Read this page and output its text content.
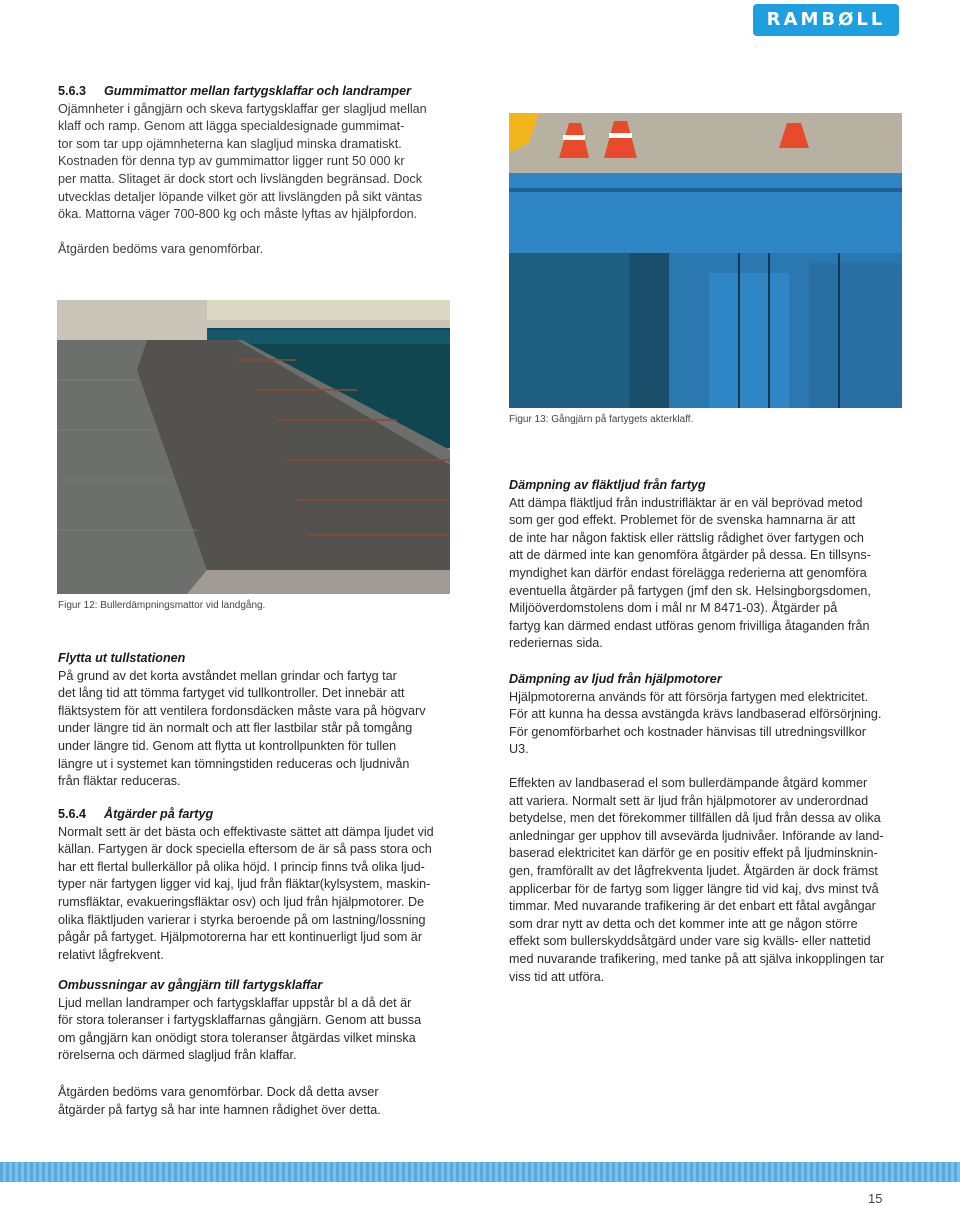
RAMBØLL

5.6.3 Gummimattor mellan fartygsklaffar och landramper

Ojämnheter i gångjärn och skeva fartygsklaffar ger slagljud mellan

klaff och ramp. Genom att lägga specialdesignade gummimat-

tor som tar upp ojämnheterna kan slagljud minska dramatiskt.

Kostnaden för denna typ av gummimattor ligger runt 50 000 kr

per matta. Slitaget är dock stort och livslängden begränsad. Dock

utvecklas detaljer löpande vilket gör att livslängden på sikt väntas

öka. Mattorna väger 700-800 kg och måste lyftas av hjälpfordon.

Åtgärden bedöms vara genomförbar.

Figur 12: Bullerdämpningsmattor vid landgång.
Figur 13: Gångjärn på fartygets akterklaff.

Flytta ut tullstationen

På grund av det korta avståndet mellan grindar och fartyg tar

det lång tid att tömma fartyget vid tullkontroller. Det innebär att

fläktsystem för att ventilera fordonsdäcken måste vara på högvarv

under längre tid än normalt och att fler lastbilar står på tomgång

under längre tid. Genom att flytta ut kontrollpunkten för tullen

längre ut i systemet kan tömningstiden reduceras och ljudnivån

från fläktar reduceras.

5.6.4 Åtgärder på fartyg

Normalt sett är det bästa och effektivaste sättet att dämpa ljudet vid

källan. Fartygen är dock speciella eftersom de är så pass stora och

har ett flertal bullerkällor på olika höjd. I princip finns två olika ljud-

typer när fartygen ligger vid kaj, ljud från fläktar(kylsystem, maskin-

rumsfläktar, evakueringsfläktar osv) och ljud från hjälpmotorer. De

olika fläktljuden varierar i styrka beroende på om lastning/lossning

pågår på fartyget. Hjälpmotorerna har ett kontinuerligt ljud som är

relativt lågfrekvent.

Ombussningar av gångjärn till fartygsklaffar

Ljud mellan landramper och fartygsklaffar uppstår bl a då det är

för stora toleranser i fartygsklaffarnas gångjärn. Genom att bussa

om gångjärn kan onödigt stora toleranser åtgärdas vilket minska

rörelserna och därmed slagljud från klaffar.

Åtgärden bedöms vara genomförbar. Dock då detta avser

åtgärder på fartyg så har inte hamnen rådighet över detta.

Dämpning av fläktljud från fartyg

Att dämpa fläktljud från industrifläktar är en väl beprövad metod

som ger god effekt. Problemet för de svenska hamnarna är att

de inte har någon faktisk eller rättslig rådighet över fartygen och

att de därmed inte kan genomföra åtgärder på dessa. En tillsyns-

myndighet kan därför endast förelägga rederierna att genomföra

eventuella åtgärder på fartygen (jmf den sk. Helsingborgsdomen,

Miljööverdomstolens dom i mål nr M 8471-03). Åtgärder på

fartyg kan därmed endast utföras genom frivilliga åtaganden från

rederiernas sida.

Dämpning av ljud från hjälpmotorer

Hjälpmotorerna används för att försörja fartygen med elektricitet.

För att kunna ha dessa avstängda krävs landbaserad elförsörjning.

För genomförbarhet och kostnader hänvisas till utredningsvillkor

U3.

Effekten av landbaserad el som bullerdämpande åtgärd kommer

att variera. Normalt sett är ljud från hjälpmotorer av underordnad

betydelse, men det förekommer tillfällen då ljud från dessa av olika

anledningar ger upphov till avsevärda ljudnivåer. Införande av land-

baserad elektricitet kan därför ge en positiv effekt på ljudminsknin-

gen, framförallt av det lågfrekventa ljudet. Åtgärden är dock främst

applicerbar för de fartyg som ligger längre tid vid kaj, dvs minst två

timmar. Med nuvarande trafikering är det enbart ett fåtal avgångar

som drar nytt av detta och det kommer inte att ge någon större

effekt som bullerskyddsåtgärd under vare sig kvälls- eller nattetid

med nuvarande trafikering, med tanke på att själva inkopplingen tar

viss tid att utföra.

15
